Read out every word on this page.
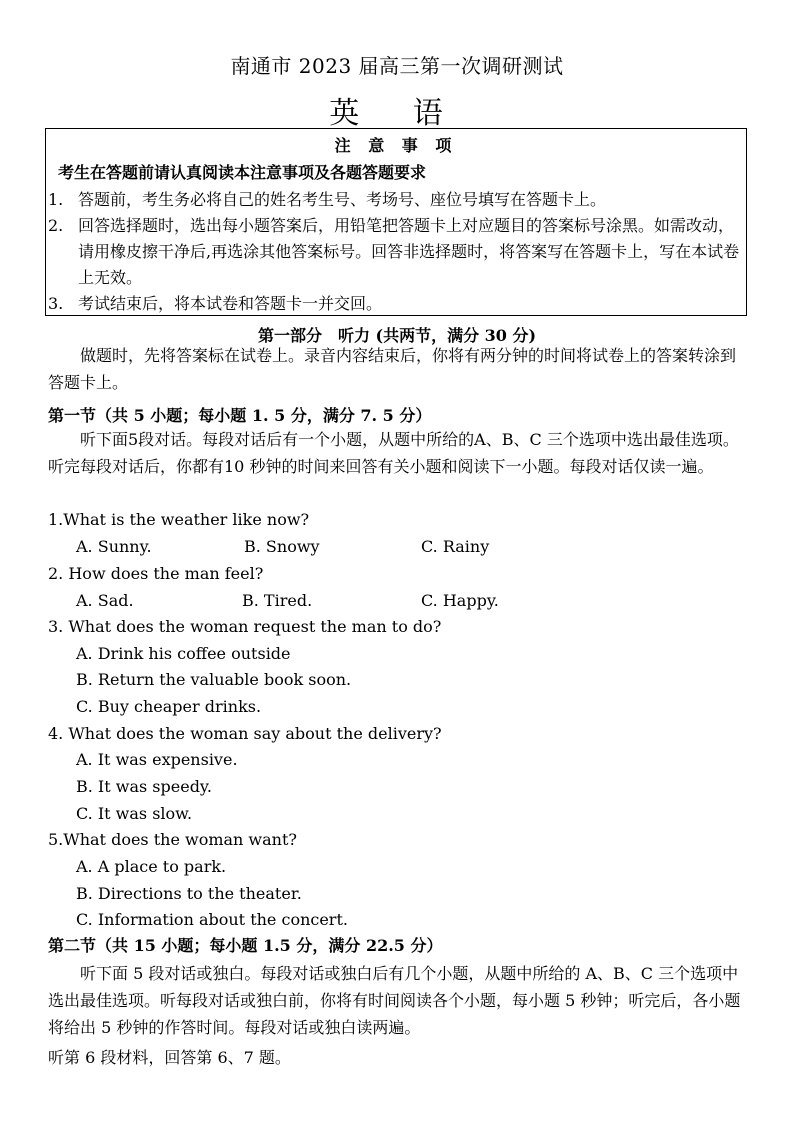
南通市 2023 届高三第一次调研测试
英 语
注 意 事 项
考生在答题前请认真阅读本注意事项及各题答题要求
1. 答题前，考生务必将自己的姓名考生号、考场号、座位号填写在答题卡上。
2. 回答选择题时，选出每小题答案后，用铅笔把答题卡上对应题目的答案标号涂黑。如需改动，请用橡皮擦干净后,再选涂其他答案标号。回答非选择题时，将答案写在答题卡上，写在本试卷上无效。
3. 考试结束后，将本试卷和答题卡一并交回。
第一部分　听力 (共两节，满分 30 分)
做题时，先将答案标在试卷上。录音内容结束后，你将有两分钟的时间将试卷上的答案转涂到答题卡上。
第一节（共 5 小题；每小题 1. 5 分，满分 7. 5 分）
听下面5段对话。每段对话后有一个小题，从题中所给的A、B、C 三个选项中选出最佳选项。听完每段对话后，你都有10 秒钟的时间来回答有关小题和阅读下一小题。每段对话仅读一遍。
1.What is the weather like now?
A. Sunny.	B. Snowy	C. Rainy
2. How does the man feel?
A. Sad.	B. Tired.	C. Happy.
3. What does the woman request the man to do?
A. Drink his coffee outside
B. Return the valuable book soon.
C. Buy cheaper drinks.
4. What does the woman say about the delivery?
A. It was expensive.
B. It was speedy.
C. It was slow.
5.What does the woman want?
A. A place to park.
B. Directions to the theater.
C. Information about the concert.
第二节（共 15 小题；每小题 1.5 分，满分 22.5 分）
听下面 5 段对话或独白。每段对话或独白后有几个小题，从题中所给的 A、B、C 三个选项中选出最佳选项。听每段对话或独白前，你将有时间阅读各个小题，每小题 5 秒钟；听完后，各小题将给出 5 秒钟的作答时间。每段对话或独白读两遍。
听第 6 段材料，回答第 6、7 题。
